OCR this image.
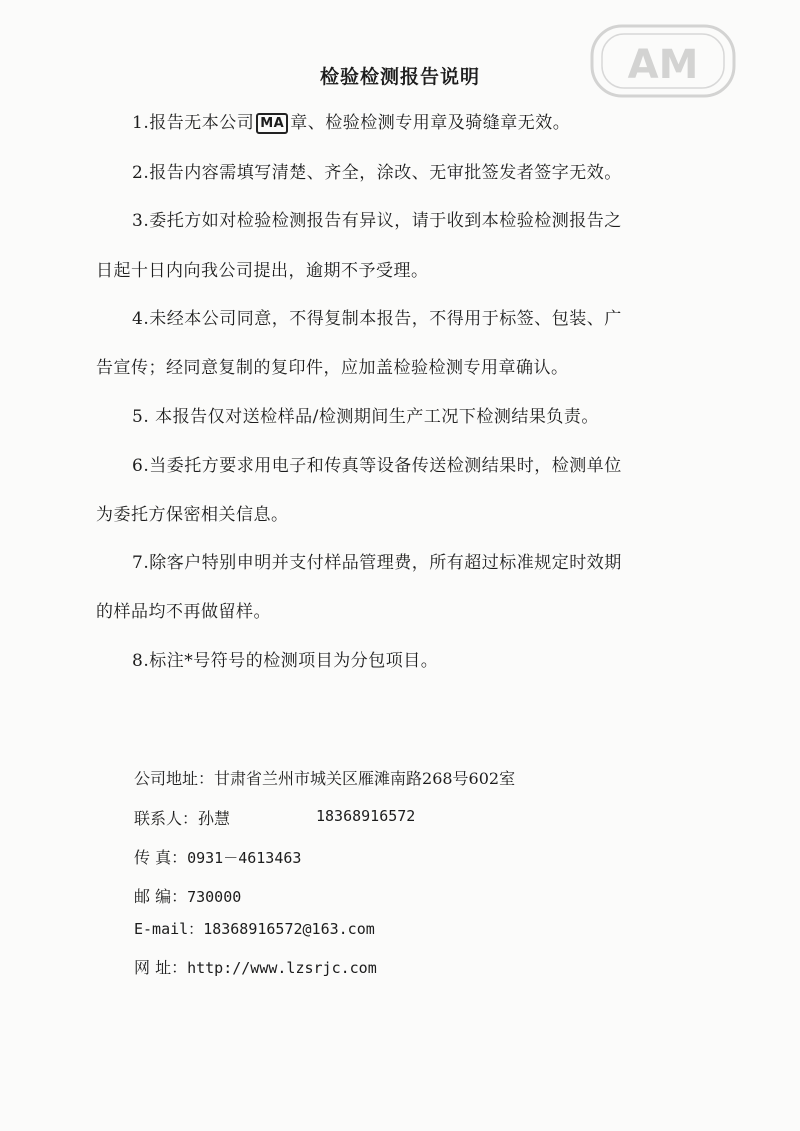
AM
检验检测报告说明
1.报告无本公司 MA 章、检验检测专用章及骑缝章无效。
2.报告内容需填写清楚、齐全，涂改、无审批签发者签字无效。
3.委托方如对检验检测报告有异议，请于收到本检验检测报告之
日起十日内向我公司提出，逾期不予受理。
4.未经本公司同意，不得复制本报告，不得用于标签、包装、广
告宣传；经同意复制的复印件，应加盖检验检测专用章确认。
5. 本报告仅对送检样品/检测期间生产工况下检测结果负责。
6.当委托方要求用电子和传真等设备传送检测结果时，检测单位
为委托方保密相关信息。
7.除客户特别申明并支付样品管理费，所有超过标准规定时效期
的样品均不再做留样。
8.标注*号符号的检测项目为分包项目。
公司地址：甘肃省兰州市城关区雁滩南路268号602室
联系人：孙慧	18368916572
传 真：0931－4613463
邮 编：730000
E-mail：18368916572@163.com
网 址：http://www.lzsrjc.com
